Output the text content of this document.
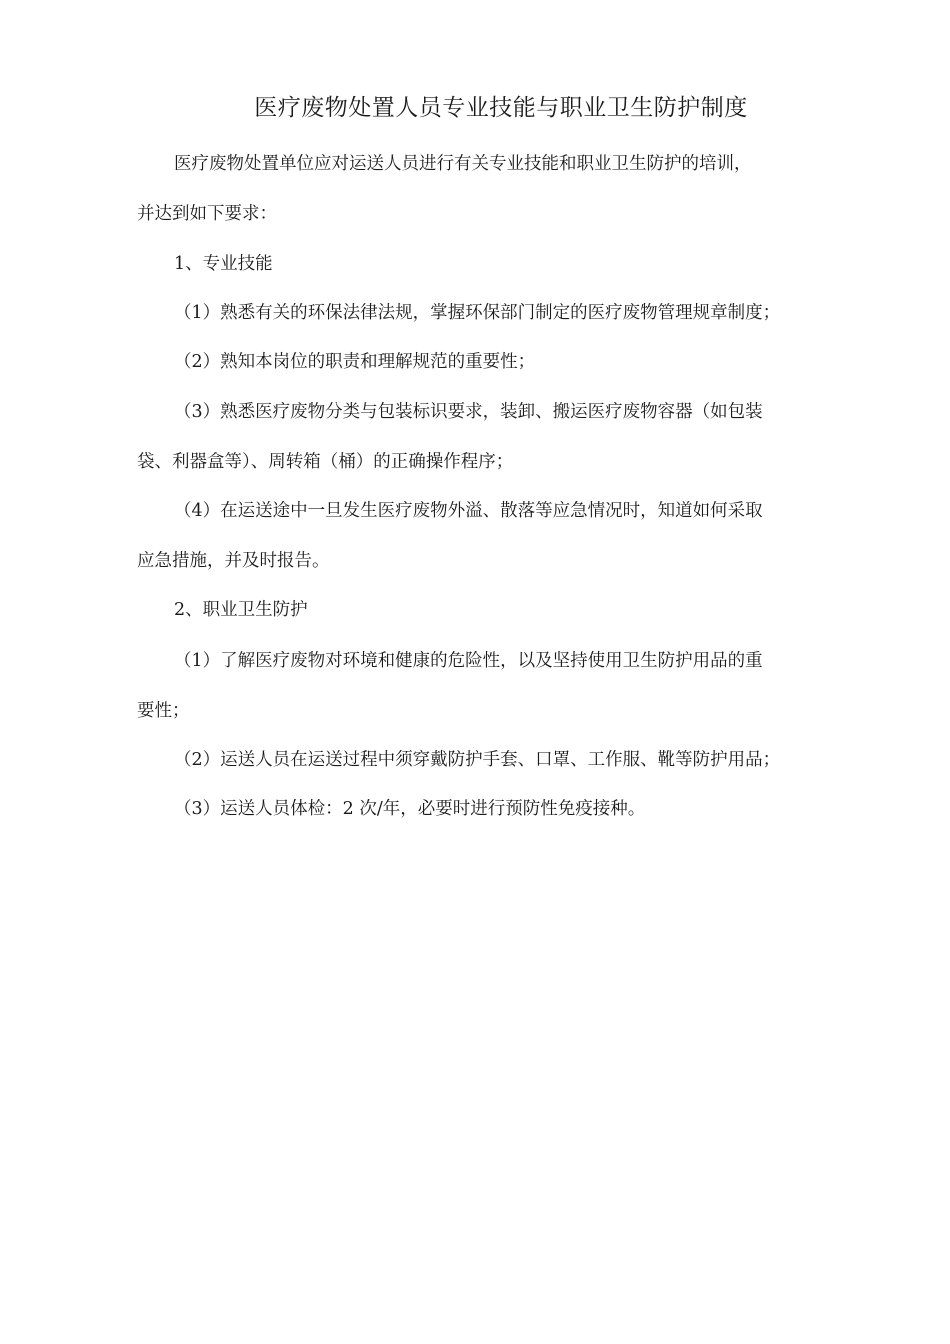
医疗废物处置人员专业技能与职业卫生防护制度
医疗废物处置单位应对运送人员进行有关专业技能和职业卫生防护的培训，
并达到如下要求：
1、专业技能
（1）熟悉有关的环保法律法规，掌握环保部门制定的医疗废物管理规章制度；
（2）熟知本岗位的职责和理解规范的重要性；
（3）熟悉医疗废物分类与包装标识要求，装卸、搬运医疗废物容器（如包装
袋、利器盒等）、周转箱（桶）的正确操作程序；
（4）在运送途中一旦发生医疗废物外溢、散落等应急情况时，知道如何采取
应急措施，并及时报告。
2、职业卫生防护
（1）了解医疗废物对环境和健康的危险性，以及坚持使用卫生防护用品的重
要性；
（2）运送人员在运送过程中须穿戴防护手套、口罩、工作服、靴等防护用品；
（3）运送人员体检：2 次/年，必要时进行预防性免疫接种。
